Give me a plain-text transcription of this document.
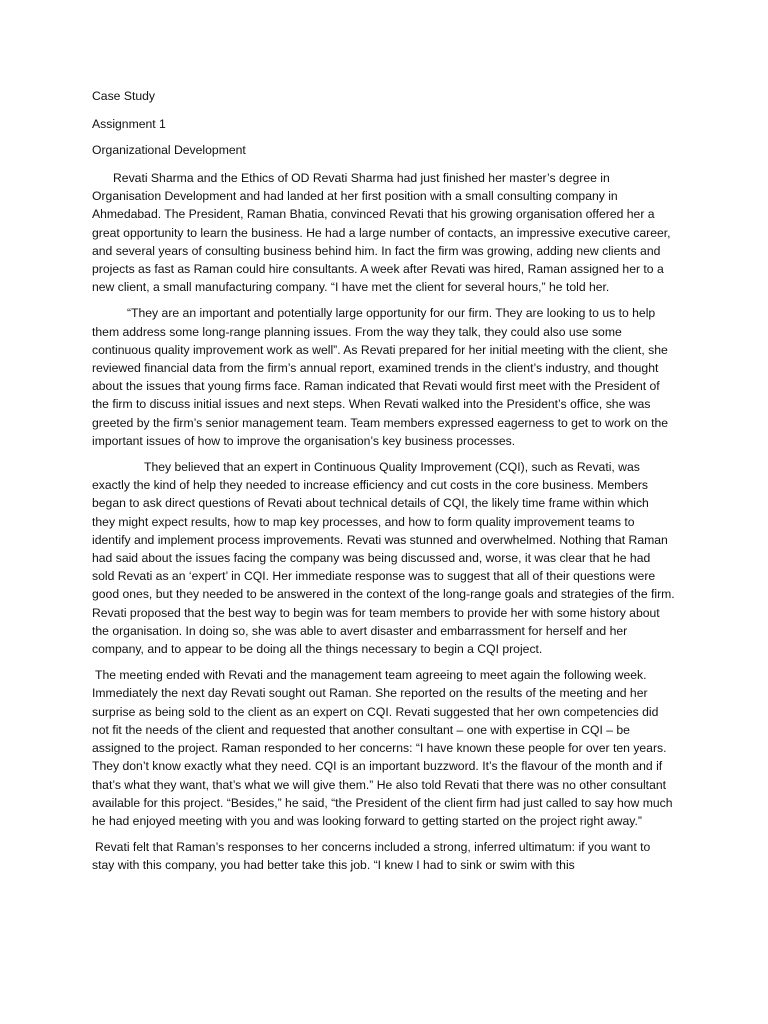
Case Study

Assignment 1

Organizational Development

Revati Sharma and the Ethics of OD Revati Sharma had just finished her master’s degree in Organisation Development and had landed at her first position with a small consulting company in Ahmedabad. The President, Raman Bhatia, convinced Revati that his growing organisation offered her a great opportunity to learn the business. He had a large number of contacts, an impressive executive career, and several years of consulting business behind him. In fact the firm was growing, adding new clients and projects as fast as Raman could hire consultants. A week after Revati was hired, Raman assigned her to a new client, a small manufacturing company. “I have met the client for several hours,” he told her.

“They are an important and potentially large opportunity for our firm. They are looking to us to help them address some long-range planning issues. From the way they talk, they could also use some continuous quality improvement work as well”. As Revati prepared for her initial meeting with the client, she reviewed financial data from the firm’s annual report, examined trends in the client’s industry, and thought about the issues that young firms face. Raman indicated that Revati would first meet with the President of the firm to discuss initial issues and next steps. When Revati walked into the President’s office, she was greeted by the firm’s senior management team. Team members expressed eagerness to get to work on the important issues of how to improve the organisation’s key business processes.

They believed that an expert in Continuous Quality Improvement (CQI), such as Revati, was exactly the kind of help they needed to increase efficiency and cut costs in the core business. Members began to ask direct questions of Revati about technical details of CQI, the likely time frame within which they might expect results, how to map key processes, and how to form quality improvement teams to identify and implement process improvements. Revati was stunned and overwhelmed. Nothing that Raman had said about the issues facing the company was being discussed and, worse, it was clear that he had sold Revati as an ‘expert’ in CQI. Her immediate response was to suggest that all of their questions were good ones, but they needed to be answered in the context of the long-range goals and strategies of the firm. Revati proposed that the best way to begin was for team members to provide her with some history about the organisation. In doing so, she was able to avert disaster and embarrassment for herself and her company, and to appear to be doing all the things necessary to begin a CQI project.

The meeting ended with Revati and the management team agreeing to meet again the following week. Immediately the next day Revati sought out Raman. She reported on the results of the meeting and her surprise as being sold to the client as an expert on CQI. Revati suggested that her own competencies did not fit the needs of the client and requested that another consultant – one with expertise in CQI – be assigned to the project. Raman responded to her concerns: “I have known these people for over ten years. They don’t know exactly what they need. CQI is an important buzzword. It’s the flavour of the month and if that’s what they want, that’s what we will give them.” He also told Revati that there was no other consultant available for this project. “Besides,” he said, “the President of the client firm had just called to say how much he had enjoyed meeting with you and was looking forward to getting started on the project right away.”

Revati felt that Raman’s responses to her concerns included a strong, inferred ultimatum: if you want to stay with this company, you had better take this job. “I knew I had to sink or swim with this
